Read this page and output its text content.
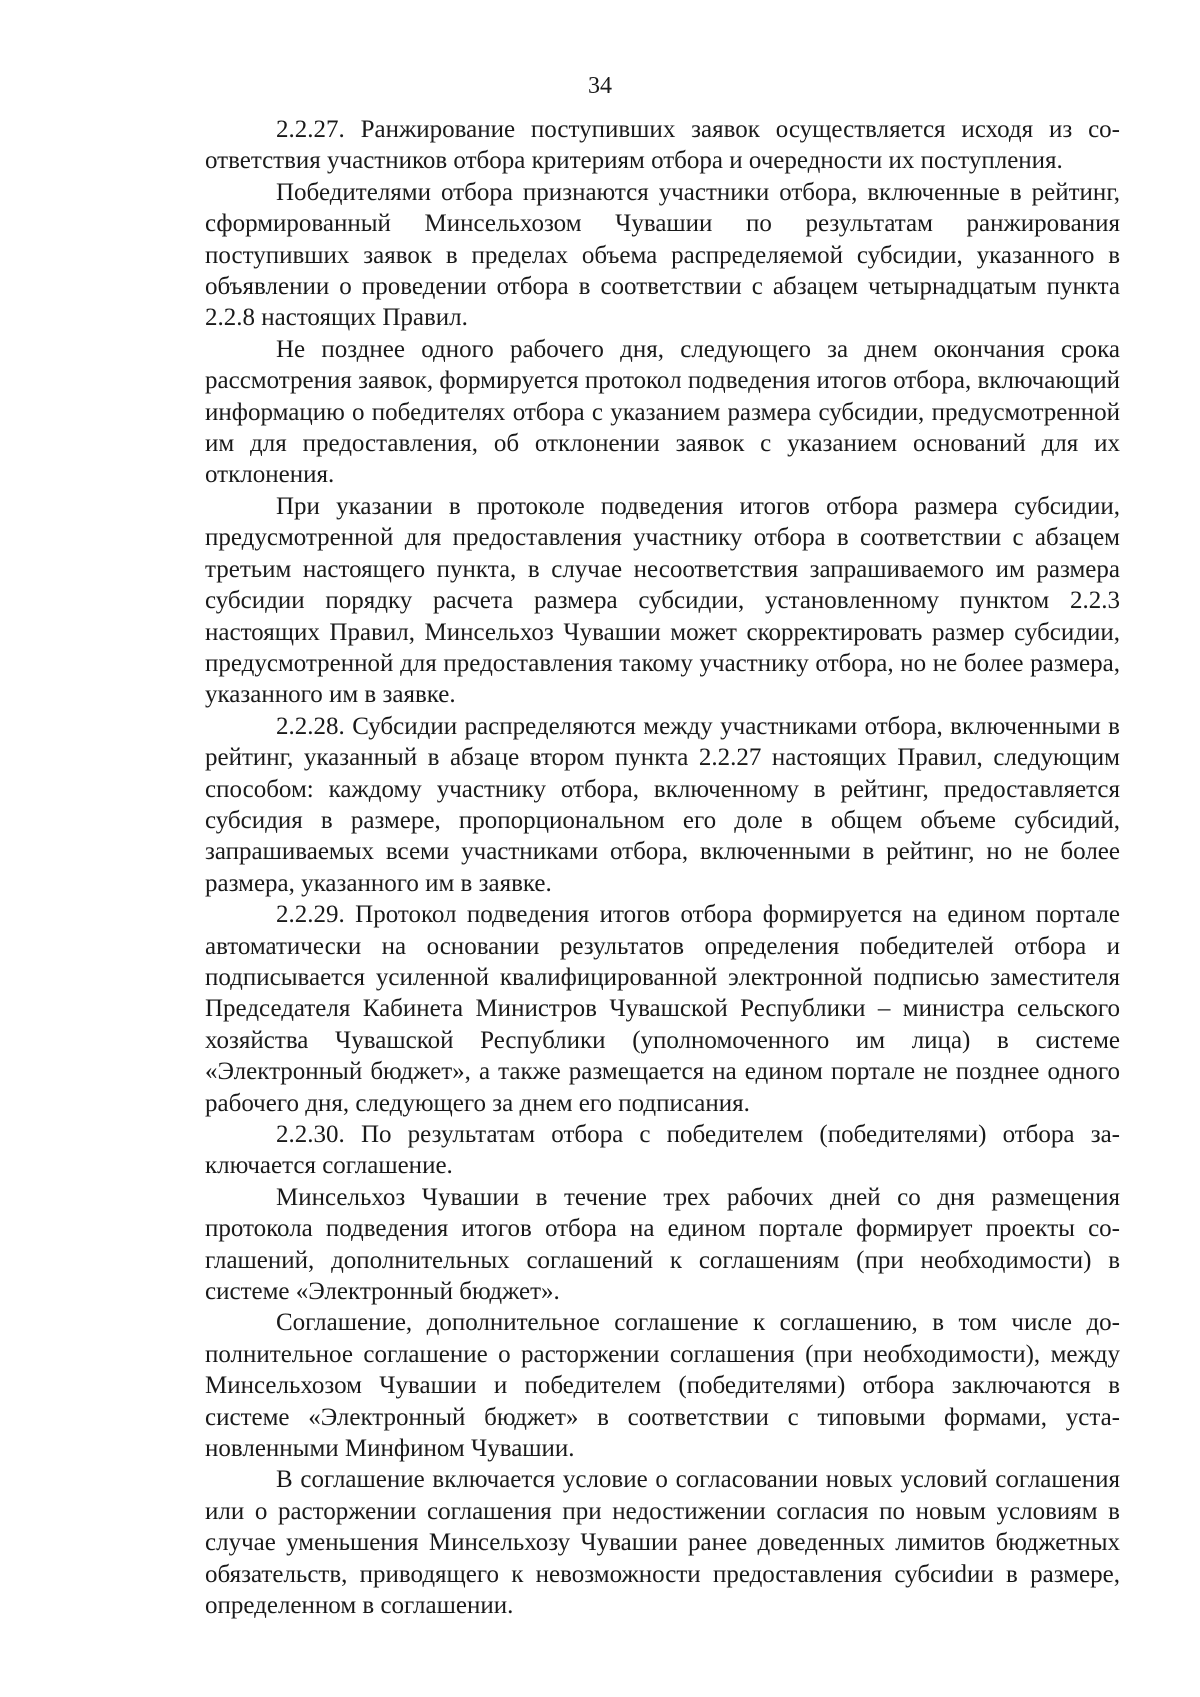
34

2.2.27. Ранжирование поступивших заявок осуществляется исходя из соответствия участников отбора критериям отбора и очередности их поступления.

Победителями отбора признаются участники отбора, включенные в рейтинг, сформированный Минсельхозом Чувашии по результатам ранжирования поступивших заявок в пределах объема распределяемой субсидии, указанного в объявлении о проведении отбора в соответствии с абзацем четырнадцатым пункта 2.2.8 настоящих Правил.

Не позднее одного рабочего дня, следующего за днем окончания срока рассмотрения заявок, формируется протокол подведения итогов отбора, включающий информацию о победителях отбора с указанием размера субсидии, предусмотренной им для предоставления, об отклонении заявок с указанием оснований для их отклонения.

При указании в протоколе подведения итогов отбора размера субсидии, предусмотренной для предоставления участнику отбора в соответствии с абзацем третьим настоящего пункта, в случае несоответствия запрашиваемого им размера субсидии порядку расчета размера субсидии, установленному пунктом 2.2.3 настоящих Правил, Минсельхоз Чувашии может скорректировать размер субсидии, предусмотренной для предоставления такому участнику отбора, но не более размера, указанного им в заявке.

2.2.28. Субсидии распределяются между участниками отбора, включенными в рейтинг, указанный в абзаце втором пункта 2.2.27 настоящих Правил, следующим способом: каждому участнику отбора, включенному в рейтинг, предоставляется субсидия в размере, пропорциональном его доле в общем объеме субсидий, запрашиваемых всеми участниками отбора, включенными в рейтинг, но не более размера, указанного им в заявке.

2.2.29. Протокол подведения итогов отбора формируется на едином портале автоматически на основании результатов определения победителей отбора и подписывается усиленной квалифицированной электронной подписью заместителя Председателя Кабинета Министров Чувашской Республики – министра сельского хозяйства Чувашской Республики (уполномоченного им лица) в системе «Электронный бюджет», а также размещается на едином портале не позднее одного рабочего дня, следующего за днем его подписания.

2.2.30. По результатам отбора с победителем (победителями) отбора заключается соглашение.

Минсельхоз Чувашии в течение трех рабочих дней со дня размещения протокола подведения итогов отбора на едином портале формирует проекты соглашений, дополнительных соглашений к соглашениям (при необходимости) в системе «Электронный бюджет».

Соглашение, дополнительное соглашение к соглашению, в том числе дополнительное соглашение о расторжении соглашения (при необходимости), между Минсельхозом Чувашии и победителем (победителями) отбора заключаются в системе «Электронный бюджет» в соответствии с типовыми формами, установленными Минфином Чувашии.

В соглашение включается условие о согласовании новых условий соглашения или о расторжении соглашения при недостижении согласия по новым условиям в случае уменьшения Минсельхозу Чувашии ранее доведенных лимитов бюджетных обязательств, приводящего к невозможности предоставления субсиdии в размере, определенном в соглашении.
